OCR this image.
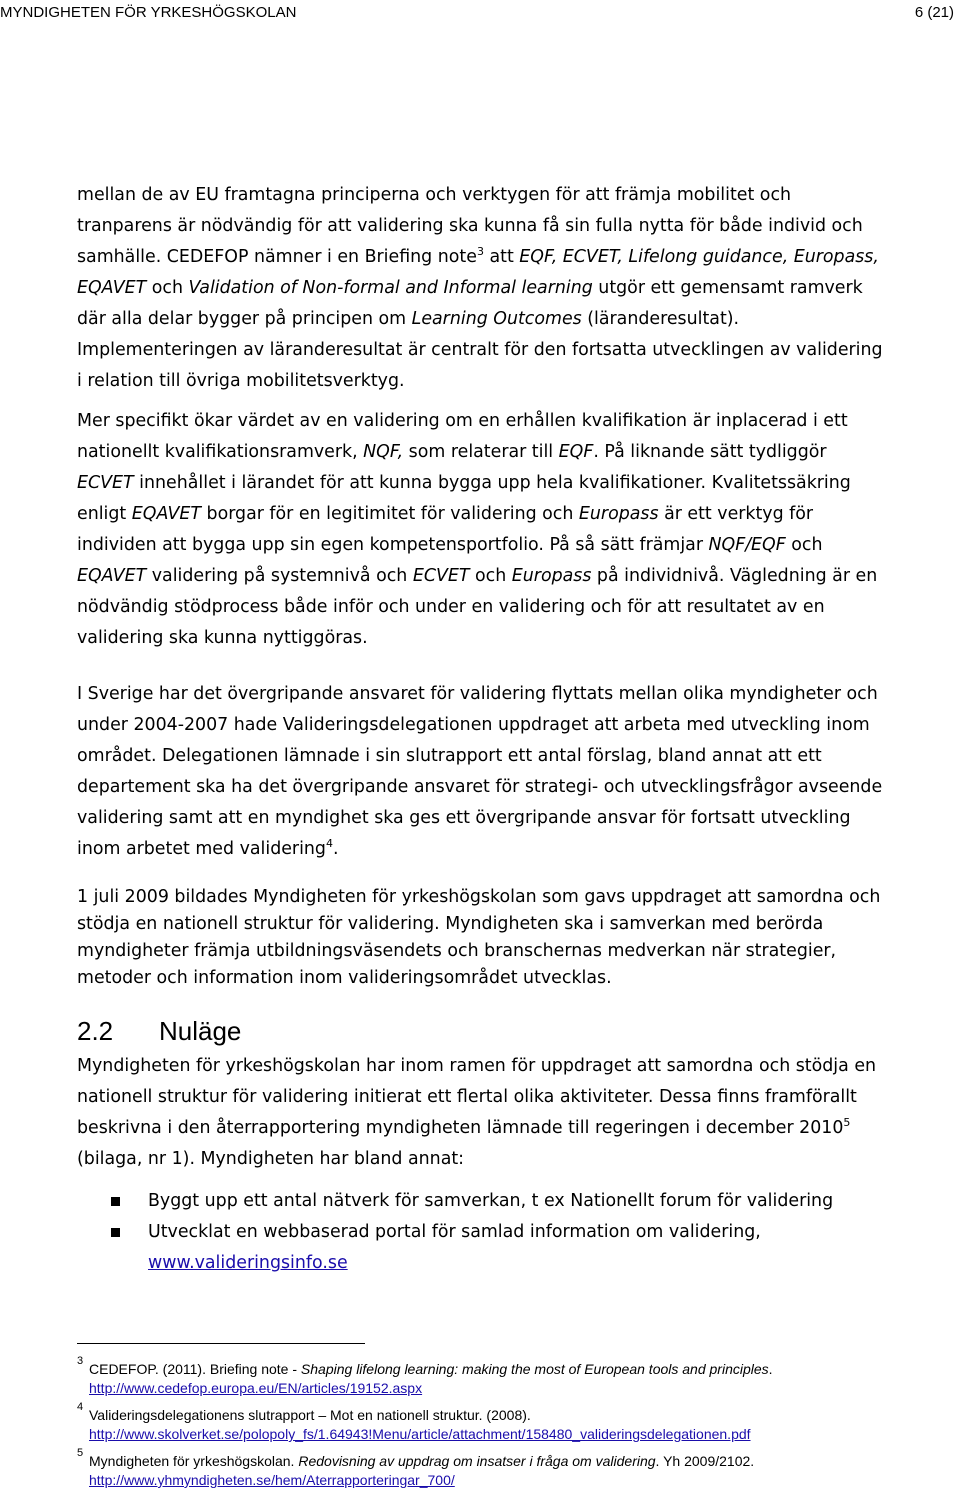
MYNDIGHETEN FÖR YRKESHÖGSKOLAN	6 (21)

mellan de av EU framtagna principerna och verktygen för att främja mobilitet och tranparens är nödvändig för att validering ska kunna få sin fulla nytta för både individ och samhälle. CEDEFOP nämner i en Briefing note$^3$ att EQF, ECVET, Lifelong guidance, Europass, EQAVET och Validation of Non-formal and Informal learning utgör ett gemensamt ramverk där alla delar bygger på principen om Learning Outcomes (läranderesultat). Implementeringen av läranderesultat är centralt för den fortsatta utvecklingen av validering i relation till övriga mobilitetsverktyg.

Mer specifikt ökar värdet av en validering om en erhållen kvalifikation är inplacerad i ett nationellt kvalifikationsramverk, NQF, som relaterar till EQF. På liknande sätt tydliggör ECVET innehållet i lärandet för att kunna bygga upp hela kvalifikationer. Kvalitetssäkring enligt EQAVET borgar för en legitimitet för validering och Europass är ett verktyg för individen att bygga upp sin egen kompetensportfolio. På så sätt främjar NQF/EQF och EQAVET validering på systemnivå och ECVET och Europass på individnivå. Vägledning är en nödvändig stödprocess både inför och under en validering och för att resultatet av en validering ska kunna nyttiggöras.

I Sverige har det övergripande ansvaret för validering flyttats mellan olika myndigheter och under 2004-2007 hade Valideringsdelegationen uppdraget att arbeta med utveckling inom området. Delegationen lämnade i sin slutrapport ett antal förslag, bland annat att ett departement ska ha det övergripande ansvaret för strategi- och utvecklingsfrågor avseende validering samt att en myndighet ska ges ett övergripande ansvar för fortsatt utveckling inom arbetet med validering$^4$.

1 juli 2009 bildades Myndigheten för yrkeshögskolan som gavs uppdraget att samordna och stödja en nationell struktur för validering. Myndigheten ska i samverkan med berörda myndigheter främja utbildningsväsendets och branschernas medverkan när strategier, metoder och information inom valideringsområdet utvecklas.

2.2 Nuläge

Myndigheten för yrkeshögskolan har inom ramen för uppdraget att samordna och stödja en nationell struktur för validering initierat ett flertal olika aktiviteter. Dessa finns framförallt beskrivna i den återrapportering myndigheten lämnade till regeringen i december 2010$^5$ (bilaga, nr 1). Myndigheten har bland annat:

Byggt upp ett antal nätverk för samverkan, t ex Nationellt forum för validering
Utvecklat en webbaserad portal för samlad information om validering,
www.valideringsinfo.se
3 CEDEFOP. (2011). Briefing note - Shaping lifelong learning: making the most of European tools and principles. http://www.cedefop.europa.eu/EN/articles/19152.aspx
4 Valideringsdelegationens slutrapport – Mot en nationell struktur. (2008).
http://www.skolverket.se/polopoly_fs/1.64943!Menu/article/attachment/158480_valideringsdelegationen.pdf
5 Myndigheten för yrkeshögskolan. Redovisning av uppdrag om insatser i fråga om validering. Yh 2009/2102.
http://www.yhmyndigheten.se/hem/Aterrapporteringar_700/
